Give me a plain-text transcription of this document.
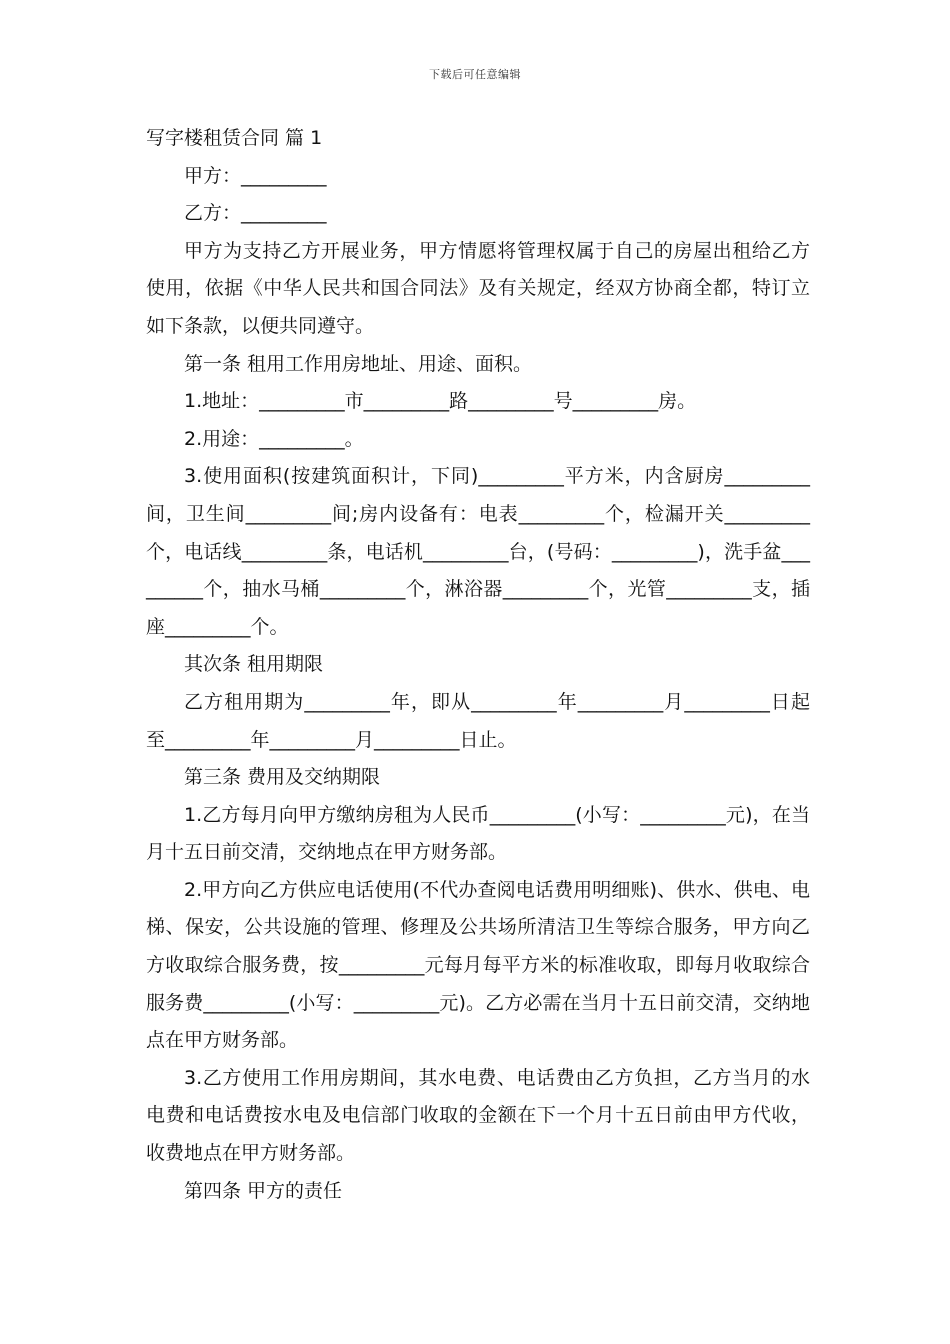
下载后可任意编辑

写字楼租赁合同 篇 1

甲方：_________

乙方：_________

甲方为支持乙方开展业务，甲方情愿将管理权属于自己的房屋出租给乙方使用，依据《中华人民共和国合同法》及有关规定，经双方协商全都，特订立如下条款，以便共同遵守。

第一条 租用工作用房地址、用途、面积。

1.地址：_________市_________路_________号_________房。

2.用途：_________。

3.使用面积(按建筑面积计，下同)_________平方米，内含厨房_________间，卫生间_________间;房内设备有：电表_________个，检漏开关_________个，电话线_________条，电话机_________台，(号码：_________)，洗手盆_________个，抽水马桶_________个，淋浴器_________个，光管_________支，插座_________个。

其次条 租用期限

乙方租用期为_________年，即从_________年_________月_________日起至_________年_________月_________日止。

第三条 费用及交纳期限

1.乙方每月向甲方缴纳房租为人民币_________(小写：_________元)，在当月十五日前交清，交纳地点在甲方财务部。

2.甲方向乙方供应电话使用(不代办查阅电话费用明细账)、供水、供电、电梯、保安，公共设施的管理、修理及公共场所清洁卫生等综合服务，甲方向乙方收取综合服务费，按_________元每月每平方米的标准收取，即每月收取综合服务费_________(小写：_________元)。乙方必需在当月十五日前交清，交纳地点在甲方财务部。

3.乙方使用工作用房期间，其水电费、电话费由乙方负担，乙方当月的水电费和电话费按水电及电信部门收取的金额在下一个月十五日前由甲方代收，收费地点在甲方财务部。

第四条 甲方的责任
